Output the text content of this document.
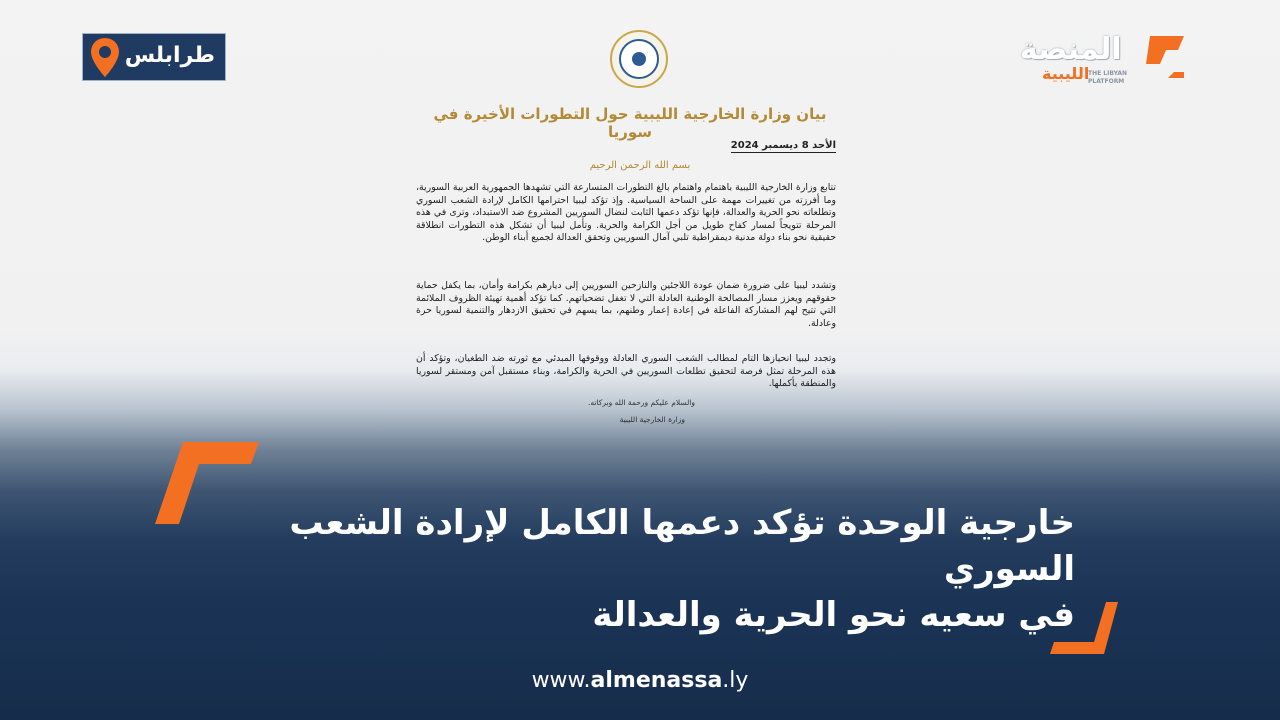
طرابلس	المنصة
الليبية
THE LIBYAN
PLATFORM
بيان وزارة الخارجية الليبية حول التطورات الأخيرة في سوريا
الأحد 8 ديسمبر 2024
بسم الله الرحمن الرحيم
تتابع وزارة الخارجية الليبية باهتمام واهتمام بالغ التطورات المتسارعة التي تشهدها الجمهورية العربية السورية، وما أفرزته من تغييرات مهمة على الساحة السياسية. وإذ تؤكد ليبيا احترامها الكامل لإرادة الشعب السوري وتطلعاته نحو الحرية والعدالة، فإنها تؤكد دعمها الثابت لنضال السوريين المشروع ضد الاستبداد، وترى في هذه المرحلة تتويجاً لمسار كفاح طويل من أجل الكرامة والحرية. وتأمل ليبيا أن تشكل هذه التطورات انطلاقة حقيقية نحو بناء دولة مدنية ديمقراطية تلبي آمال السوريين وتحقق العدالة لجميع أبناء الوطن.
وتشدد ليبيا على ضرورة ضمان عودة اللاجئين والنازحين السوريين إلى ديارهم بكرامة وأمان، بما يكفل حماية حقوقهم ويعزز مسار المصالحة الوطنية العادلة التي لا تغفل تضحياتهم. كما تؤكد أهمية تهيئة الظروف الملائمة التي تتيح لهم المشاركة الفاعلة في إعادة إعمار وطنهم، بما يسهم في تحقيق الازدهار والتنمية لسوريا حرة وعادلة.
وتجدد ليبيا انحيازها التام لمطالب الشعب السوري العادلة ووقوفها المبدئي مع ثورته ضد الطغيان، وتؤكد أن هذه المرحلة تمثل فرصة لتحقيق تطلعات السوريين في الحرية والكرامة، وبناء مستقبل آمن ومستقر لسوريا والمنطقة بأكملها.
والسلام عليكم ورحمة الله وبركاته.
وزارة الخارجية الليبية
خارجية الوحدة تؤكد دعمها الكامل لإرادة الشعب السوري
في سعيه نحو الحرية والعدالة
www.almenassa.ly
